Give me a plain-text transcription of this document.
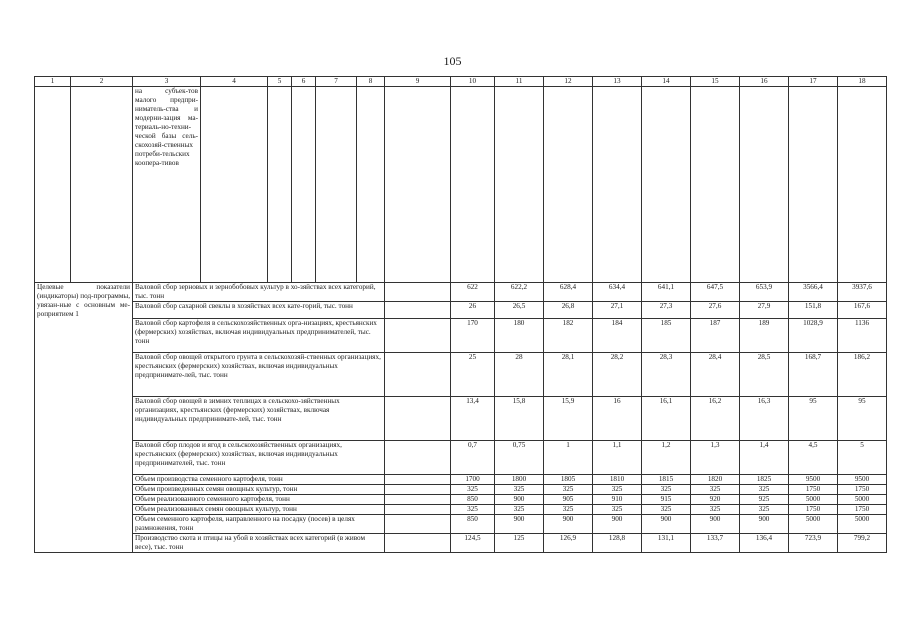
105
1	2	3	4	5	6	7	8	9	10	11	12	13	14	15	16	17	18
		на субъек-тов малого предпри-ниматель-ства и модерни-зация ма-териаль-но-техни-ческой базы сель-скохозяй-ственных потреби-тельских коопера-тивов															
Целевые показатели (индикаторы) под-программы, увязан-ные с основным ме-роприятием 1		Валовой сбор зерновых и зернобобовых культур в хо-зяйствах всех категорий, тыс. тонн							622	622,2	628,4	634,4	641,1	647,5	653,9	3566,4	3937,6
		Валовой сбор сахарной свеклы в хозяйствах всех кате-горий, тыс. тонн							26	26,5	26,8	27,1	27,3	27,6	27,9	151,8	167,6
		Валовой сбор картофеля в сельскохозяйственных орга-низациях, крестьянских (фермерских) хозяйствах, включая индивидуальных предпринимателей, тыс. тонн							170	180	182	184	185	187	189	1028,9	1136
		Валовой сбор овощей открытого грунта в сельскохозяй-ственных организациях, крестьянских (фермерских) хозяйствах, включая индивидуальных предпринимате-лей, тыс. тонн							25	28	28,1	28,2	28,3	28,4	28,5	168,7	186,2
		Валовой сбор овощей в зимних теплицах в сельскохо-зяйственных организациях, крестьянских (фермерских) хозяйствах, включая индивидуальных предпринимате-лей, тыс. тонн							13,4	15,8	15,9	16	16,1	16,2	16,3	95	95
		Валовой сбор плодов и ягод в сельскохозяйственных организациях, крестьянских (фермерских) хозяйствах, включая индивидуальных предпринимателей, тыс. тонн							0,7	0,75	1	1,1	1,2	1,3	1,4	4,5	5
		Объем производства семенного картофеля, тонн							1700	1800	1805	1810	1815	1820	1825	9500	9500
		Объем произведенных семян овощных культур, тонн							325	325	325	325	325	325	325	1750	1750
		Объем реализованного семенного картофеля, тонн							850	900	905	910	915	920	925	5000	5000
		Объем реализованных семян овощных культур, тонн							325	325	325	325	325	325	325	1750	1750
		Объем семенного картофеля, направленного на посадку (посев) в целях размножения, тонн							850	900	900	900	900	900	900	5000	5000
		Производство скота и птицы на убой в хозяйствах всех категорий (в живом весе), тыс. тонн							124,5	125	126,9	128,8	131,1	133,7	136,4	723,9	799,2
